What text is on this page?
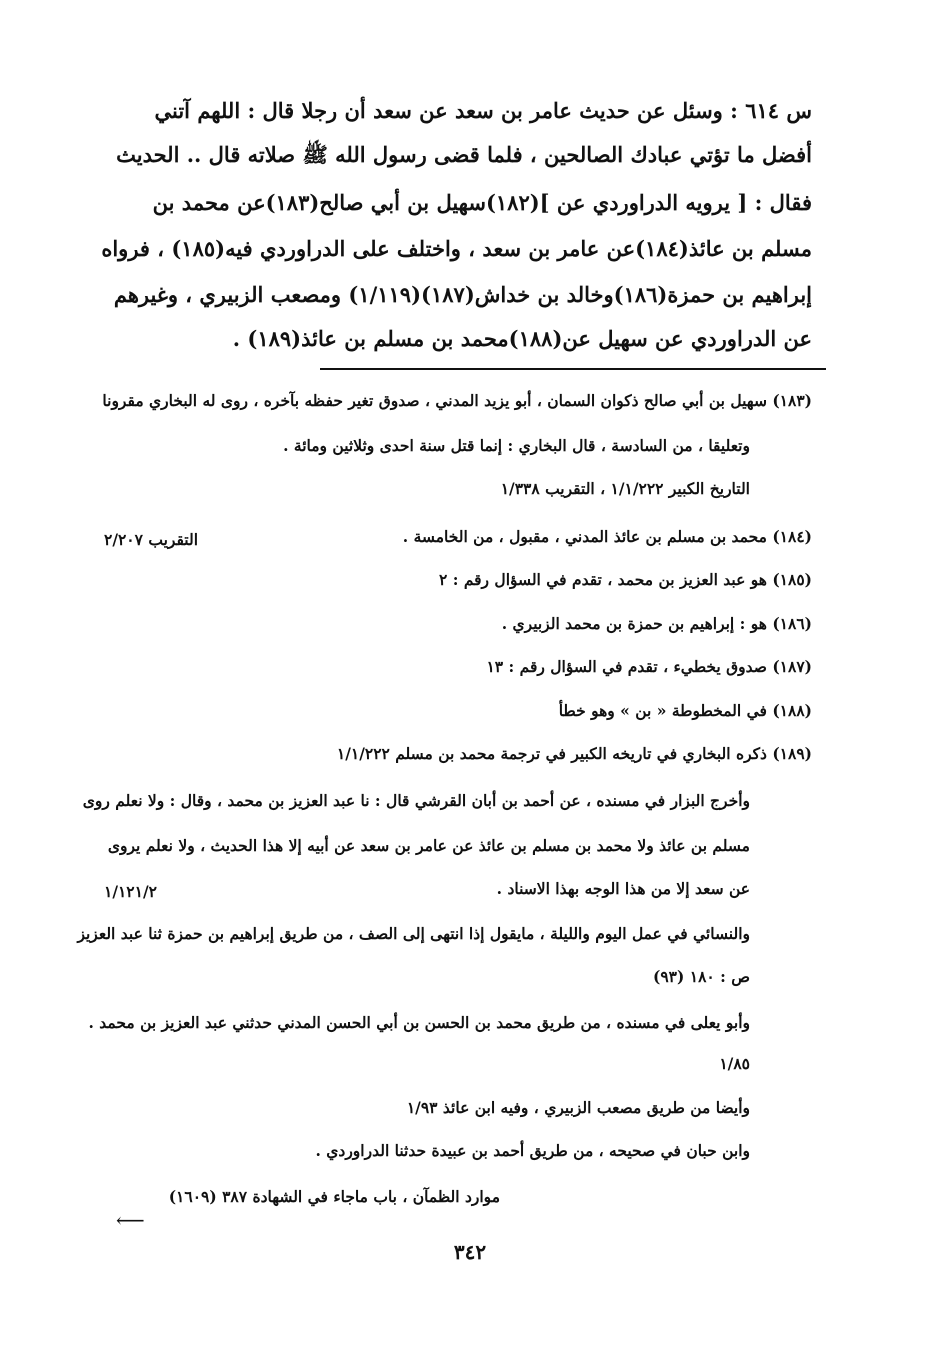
س ٦١٤ : وسئل عن حديث عامر بن سعد عن سعد أن رجلا قال : اللهم آتني
أفضل ما تؤتي عبادك الصالحين ، فلما قضى رسول الله ﷺ صلاته قال .. الحديث
فقال : [ يرويه الدراوردي عن ](١٨٢)سهيل بن أبي صالح(١٨٣)عن محمد بن
مسلم بن عائذ(١٨٤)عن عامر بن سعد ، واختلف على الدراوردي فيه(١٨٥) ، فرواه
إبراهيم بن حمزة(١٨٦)وخالد بن خداش(١٨٧)(١/١١٩) ومصعب الزبيري ، وغيرهم
عن الدراوردي عن سهيل عن(١٨٨)محمد بن مسلم بن عائذ(١٨٩) .
(١٨٣) سهيل بن أبي صالح ذكوان السمان ، أبو يزيد المدني ، صدوق تغير حفظه بآخره ، روى له البخاري مقرونا
وتعليقا ، من السادسة ، قال البخاري : إنما قتل سنة احدى وثلاثين ومائة .
التاريخ الكبير ١/١/٢٢٢ ، التقريب ١/٣٣٨
(١٨٤) محمد بن مسلم بن عائذ المدني ، مقبول ، من الخامسة .
التقريب ٢/٢٠٧
(١٨٥) هو عبد العزيز بن محمد ، تقدم في السؤال رقم : ٢
(١٨٦) هو : إبراهيم بن حمزة بن محمد الزبيري .
(١٨٧) صدوق يخطيء ، تقدم في السؤال رقم : ١٣
(١٨٨) في المخطوطة « بن » وهو خطأ
(١٨٩) ذكره البخاري في تاريخه الكبير في ترجمة محمد بن مسلم ١/١/٢٢٢
وأخرج البزار في مسنده ، عن أحمد بن أبان القرشي قال : نا عبد العزيز بن محمد ، وقال : ولا نعلم روى
مسلم بن عائذ ولا محمد بن مسلم بن عائذ عن عامر بن سعد عن أبيه إلا هذا الحديث ، ولا نعلم يروى
عن سعد إلا من هذا الوجه بهذا الاسناد .
١/١٢١/٢
والنسائي في عمل اليوم والليلة ، مايقول إذا انتهى إلى الصف ، من طريق إبراهيم بن حمزة ثنا عبد العزيز
ص : ١٨٠ (٩٣)
وأبو يعلى في مسنده ، من طريق محمد بن الحسن بن أبي الحسن المدني حدثني عبد العزيز بن محمد .
١/٨٥
وأيضا من طريق مصعب الزبيري ، وفيه ابن عائذ ١/٩٣
وابن حبان في صحيحه ، من طريق أحمد بن عبيدة حدثنا الدراوردي .
موارد الظمآن ، باب ماجاء في الشهادة ٣٨٧ (١٦٠٩)
⟵
٣٤٢
